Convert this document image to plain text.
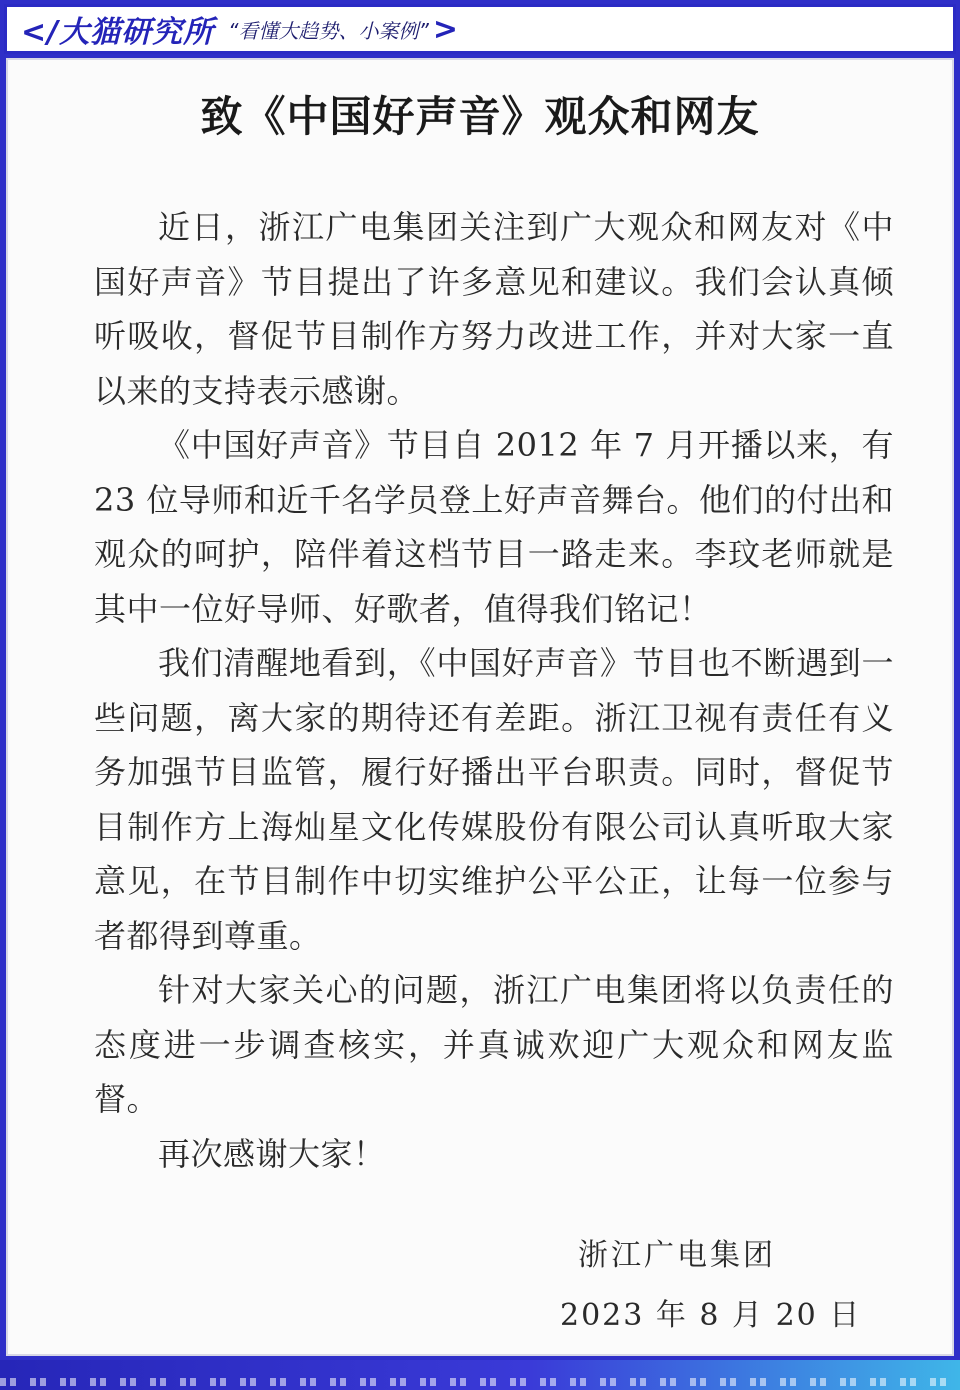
</大猫研究所 “看懂大趋势、小案例” >
致《中国好声音》观众和网友

近日，浙江广电集团关注到广大观众和网友对《中国好声音》节目提出了许多意见和建议。我们会认真倾听吸收，督促节目制作方努力改进工作，并对大家一直以来的支持表示感谢。

《中国好声音》节目自 2012 年 7 月开播以来，有 23 位导师和近千名学员登上好声音舞台。他们的付出和观众的呵护，陪伴着这档节目一路走来。李玟老师就是其中一位好导师、好歌者，值得我们铭记！

我们清醒地看到，《中国好声音》节目也不断遇到一些问题，离大家的期待还有差距。浙江卫视有责任有义务加强节目监管，履行好播出平台职责。同时，督促节目制作方上海灿星文化传媒股份有限公司认真听取大家意见，在节目制作中切实维护公平公正，让每一位参与者都得到尊重。

针对大家关心的问题，浙江广电集团将以负责任的态度进一步调查核实，并真诚欢迎广大观众和网友监督。

再次感谢大家！

浙江广电集团
2023 年 8 月 20 日
